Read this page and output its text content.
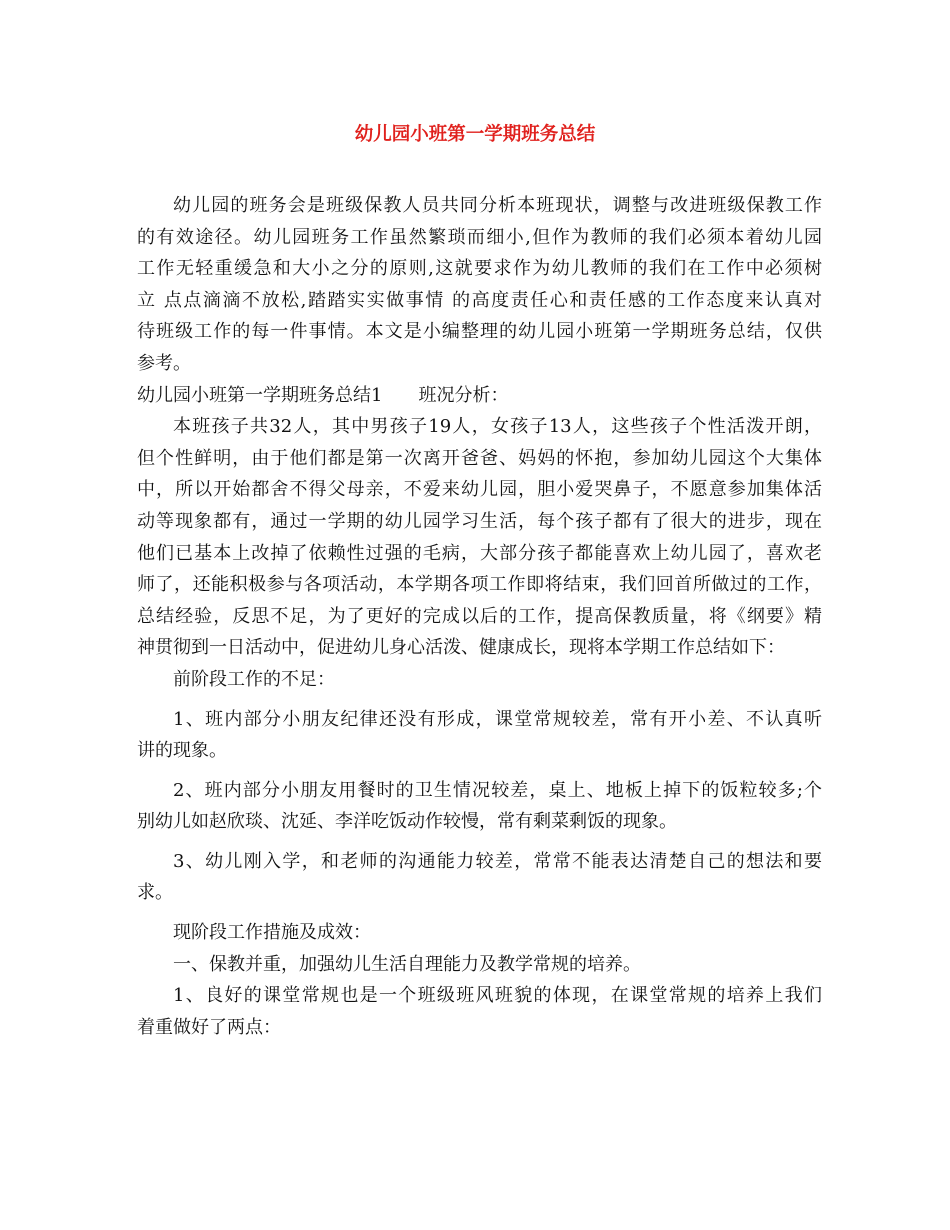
幼儿园小班第一学期班务总结
幼儿园的班务会是班级保教人员共同分析本班现状，调整与改进班级保教工作
的有效途径。幼儿园班务工作虽然繁琐而细小,但作为教师的我们必须本着幼儿园
工作无轻重缓急和大小之分的原则,这就要求作为幼儿教师的我们在工作中必须树
立 点点滴滴不放松,踏踏实实做事情 的高度责任心和责任感的工作态度来认真对
待班级工作的每一件事情。本文是小编整理的幼儿园小班第一学期班务总结，仅供
参考。
幼儿园小班第一学期班务总结1 班况分析：
本班孩子共32人，其中男孩子19人，女孩子13人，这些孩子个性活泼开朗，
但个性鲜明，由于他们都是第一次离开爸爸、妈妈的怀抱，参加幼儿园这个大集体
中，所以开始都舍不得父母亲，不爱来幼儿园，胆小爱哭鼻子，不愿意参加集体活
动等现象都有，通过一学期的幼儿园学习生活，每个孩子都有了很大的进步，现在
他们已基本上改掉了依赖性过强的毛病，大部分孩子都能喜欢上幼儿园了，喜欢老
师了，还能积极参与各项活动，本学期各项工作即将结束，我们回首所做过的工作，
总结经验，反思不足，为了更好的完成以后的工作，提高保教质量，将《纲要》精
神贯彻到一日活动中，促进幼儿身心活泼、健康成长，现将本学期工作总结如下：
前阶段工作的不足：
1、班内部分小朋友纪律还没有形成，课堂常规较差，常有开小差、不认真听
讲的现象。
2、班内部分小朋友用餐时的卫生情况较差，桌上、地板上掉下的饭粒较多;个
别幼儿如赵欣琰、沈延、李洋吃饭动作较慢，常有剩菜剩饭的现象。
3、幼儿刚入学，和老师的沟通能力较差，常常不能表达清楚自己的想法和要
求。
现阶段工作措施及成效：
一、保教并重，加强幼儿生活自理能力及教学常规的培养。
1、良好的课堂常规也是一个班级班风班貌的体现，在课堂常规的培养上我们
着重做好了两点：
